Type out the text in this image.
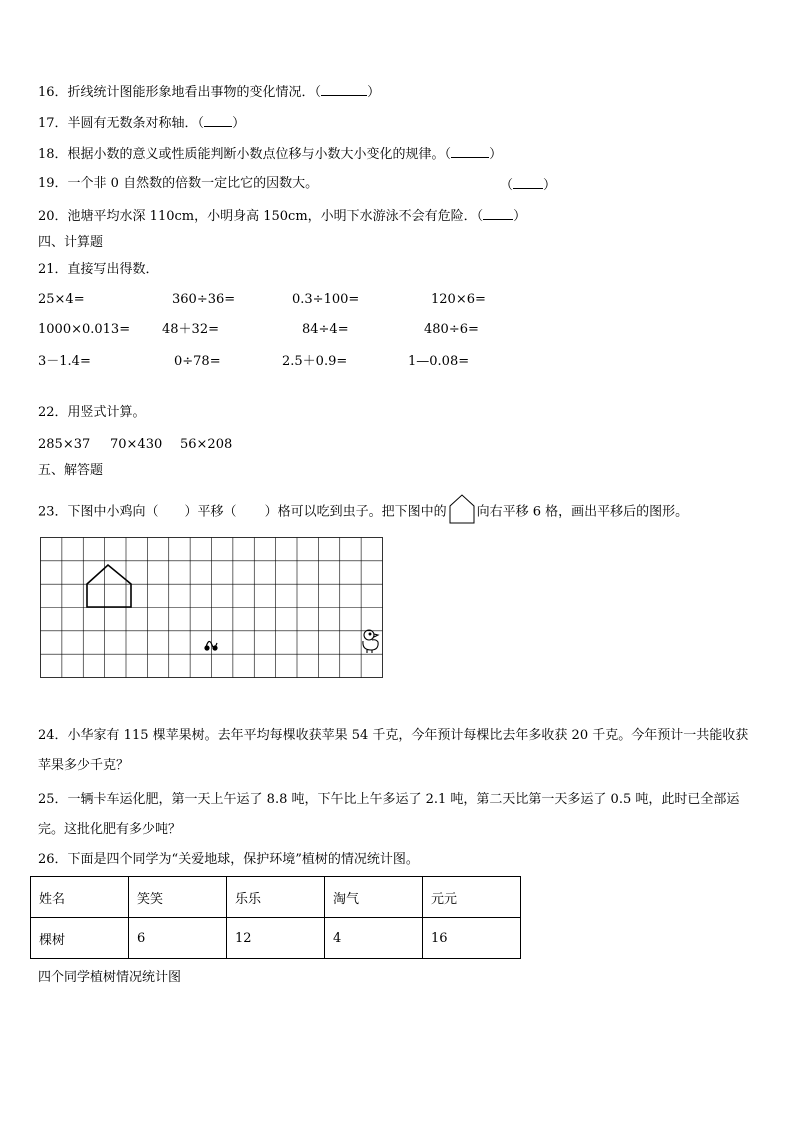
16．折线统计图能形象地看出事物的变化情况．（	）
17．半圆有无数条对称轴．（ ）
18．根据小数的意义或性质能判断小数点位移与小数大小变化的规律。（	）
19．一个非 0 自然数的倍数一定比它的因数大。	（ ）
20．池塘平均水深 110cm，小明身高 150cm，小明下水游泳不会有危险．（ ）
四、计算题
21．直接写出得数．
25×4=	360÷36=	0.3÷100=	120×6=
1000×0.013= 48＋32=	84÷4=	480÷6=
3－1.4=	0÷78=	2.5＋0.9=	1—0.08=
22．用竖式计算。
285×37 70×430 56×208
五、解答题
23．下图中小鸡向（ ）平移（ ）格可以吃到虫子。把下图中的 向右平移 6 格，画出平移后的图形。
24．小华家有 115 棵苹果树。去年平均每棵收获苹果 54 千克，今年预计每棵比去年多收获 20 千克。今年预计一共能收获苹果多少千克？
25．一辆卡车运化肥，第一天上午运了 8.8 吨，下午比上午多运了 2.1 吨，第二天比第一天多运了 0.5 吨，此时已全部运完。这批化肥有多少吨？
26．下面是四个同学为“关爱地球，保护环境”植树的情况统计图。
姓名	笑笑	乐乐	淘气	元元
棵树	6	12	4	16
四个同学植树情况统计图
